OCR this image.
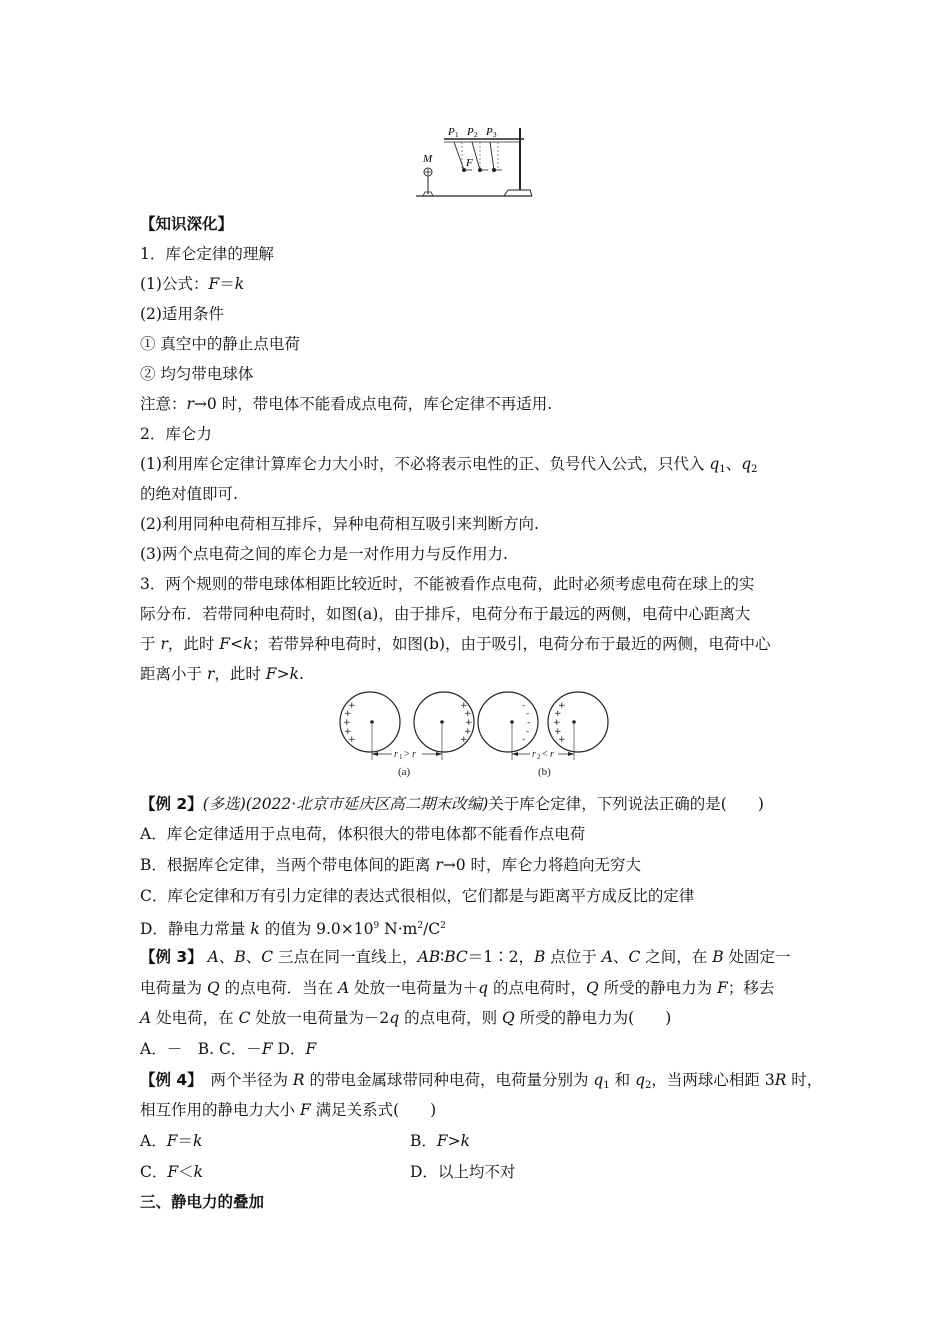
P 1 P 2 P 3
M	F
【知识深化】
1．库仑定律的理解
(1)公式：F＝k
(2)适用条件
① 真空中的静止点电荷
② 均匀带电球体
注意：r→0 时，带电体不能看成点电荷，库仑定律不再适用.
2．库仑力
(1)利用库仑定律计算库仑力大小时，不必将表示电性的正、负号代入公式，只代入 $q_1$、$q_2$
的绝对值即可.
(2)利用同种电荷相互排斥，异种电荷相互吸引来判断方向.
(3)两个点电荷之间的库仑力是一对作用力与反作用力.
3．两个规则的带电球体相距比较近时，不能被看作点电荷，此时必须考虑电荷在球上的实
际分布．若带同种电荷时，如图(a)，由于排斥，电荷分布于最远的两侧，电荷中心距离大
于 r，此时 F<k；若带异种电荷时，如图(b)，由于吸引，电荷分布于最近的两侧，电荷中心
距离小于 r，此时 F>k.
+
+
+
+
+
+
+
+
+
+
-
-
-
-
-
+
+
+
+
+
r 1 > r	r 2 < r
(a)	(b)
【例 2】(多选)(2022·北京市延庆区高二期末改编)关于库仑定律，下列说法正确的是(　　)
A．库仑定律适用于点电荷，体积很大的带电体都不能看作点电荷
B．根据库仑定律，当两个带电体间的距离 r→0 时，库仑力将趋向无穷大
C．库仑定律和万有引力定律的表达式很相似，它们都是与距离平方成反比的定律
D．静电力常量 k 的值为 $9.0\times 10^9$ $N\cdot m^2/C^2$
【例 3】 A、B、C 三点在同一直线上，AB∶BC＝1∶2，B 点位于 A、C 之间，在 B 处固定一
电荷量为 Q 的点电荷．当在 A 处放一电荷量为＋q 的点电荷时，Q 所受的静电力为 F；移去
A 处电荷，在 C 处放一电荷量为－2q 的点电荷，则 Q 所受的静电力为(　　)
A．－　B. C．－F D．F
【例 4】　两个半径为 R 的带电金属球带同种电荷，电荷量分别为 $q_1$ 和 $q_2$，当两球心相距 3R 时，
相互作用的静电力大小 F 满足关系式(　　)
A．F＝k	B．F>k
C．F＜k	D．以上均不对
三、静电力的叠加
